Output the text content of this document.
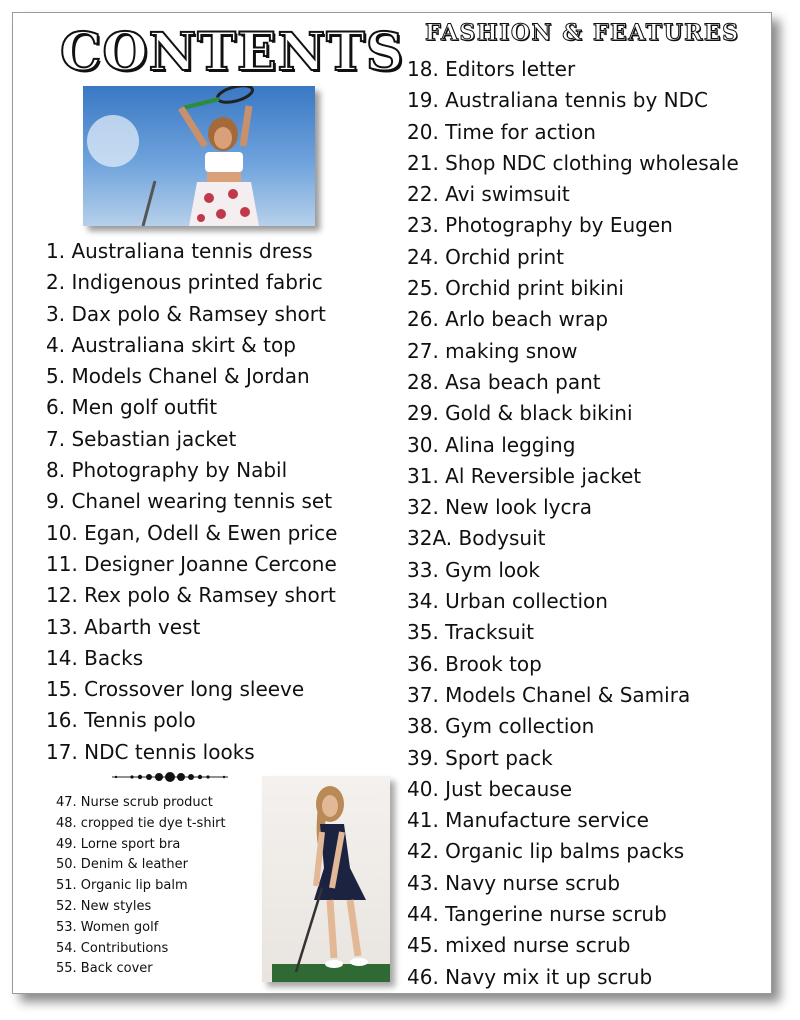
CONTENTS FASHION & FEATURES
1. Australiana tennis dress
2. Indigenous printed fabric
3. Dax polo & Ramsey short
4. Australiana skirt & top
5. Models Chanel & Jordan
6. Men golf outfit
7. Sebastian jacket
8. Photography by Nabil
9. Chanel wearing tennis set
10. Egan, Odell & Ewen price
11. Designer Joanne Cercone
12. Rex polo & Ramsey short
13. Abarth vest
14. Backs
15. Crossover long sleeve
16. Tennis polo
17. NDC tennis looks
47. Nurse scrub product
48. cropped tie dye t-shirt
49. Lorne sport bra
50. Denim & leather
51. Organic lip balm
52. New styles
53. Women golf
54. Contributions
55. Back cover
18. Editors letter
19. Australiana tennis by NDC
20. Time for action
21. Shop NDC clothing wholesale
22. Avi swimsuit
23. Photography by Eugen
24. Orchid print
25. Orchid print bikini
26. Arlo beach wrap
27. making snow
28. Asa beach pant
29. Gold & black bikini
30. Alina legging
31. Al Reversible jacket
32. New look lycra
32A. Bodysuit
33. Gym look
34. Urban collection
35. Tracksuit
36. Brook top
37. Models Chanel & Samira
38. Gym collection
39. Sport pack
40. Just because
41. Manufacture service
42. Organic lip balms packs
43. Navy nurse scrub
44. Tangerine nurse scrub
45. mixed nurse scrub
46. Navy mix it up scrub
